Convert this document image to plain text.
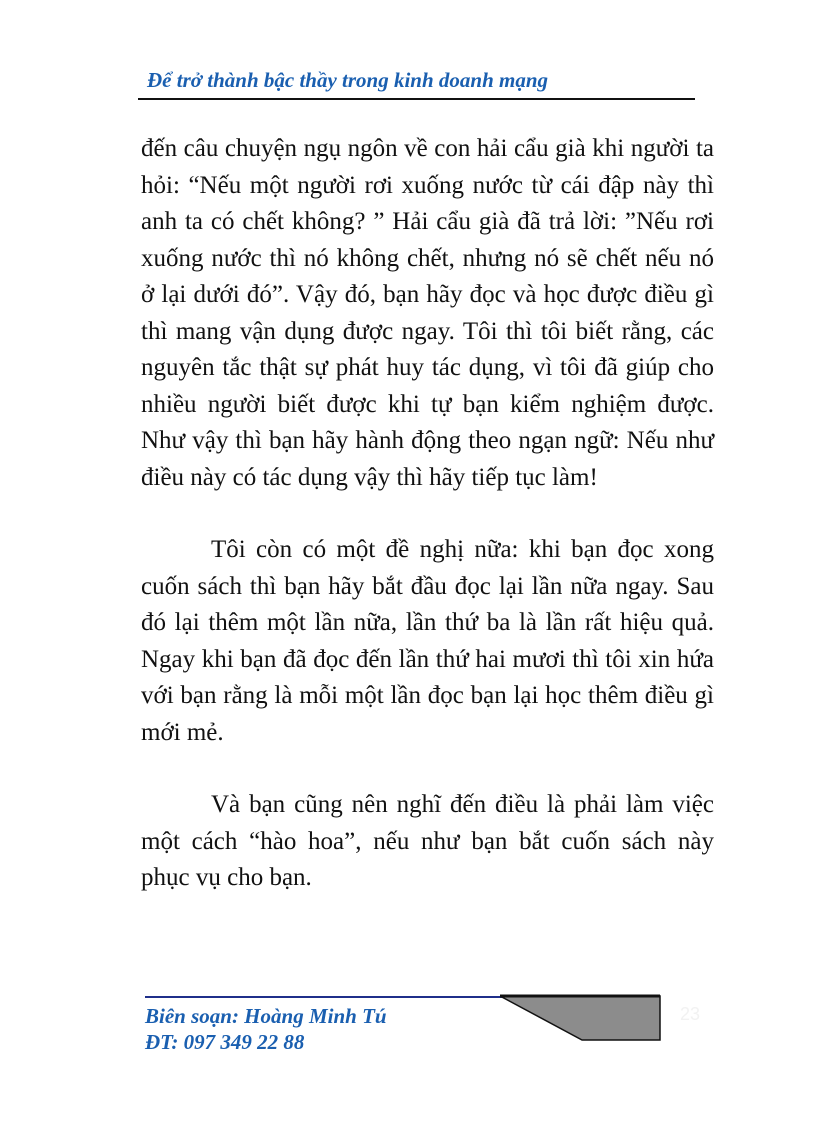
Để trở thành bậc thầy trong kinh doanh mạng

đến câu chuyện ngụ ngôn về con hải cẩu già khi người ta hỏi: “Nếu một người rơi xuống nước từ cái đập này thì anh ta có chết không? ” Hải cẩu già đã trả lời: ”Nếu rơi xuống nước thì nó không chết, nhưng nó sẽ chết nếu nó ở lại dưới đó”. Vậy đó, bạn hãy đọc và học được điều gì thì mang vận dụng được ngay. Tôi thì tôi biết rằng, các nguyên tắc thật sự phát huy tác dụng, vì tôi đã giúp cho nhiều người biết được khi tự bạn kiểm nghiệm được. Như vậy thì bạn hãy hành động theo ngạn ngữ: Nếu như điều này có tác dụng vậy thì hãy tiếp tục làm!

Tôi còn có một đề nghị nữa: khi bạn đọc xong cuốn sách thì bạn hãy bắt đầu đọc lại lần nữa ngay. Sau đó lại thêm một lần nữa, lần thứ ba là lần rất hiệu quả. Ngay khi bạn đã đọc đến lần thứ hai mươi thì tôi xin hứa với bạn rằng là mỗi một lần đọc bạn lại học thêm điều gì mới mẻ.

Và bạn cũng nên nghĩ đến điều là phải làm việc một cách “hào hoa”, nếu như bạn bắt cuốn sách này phục vụ cho bạn.

Biên soạn: Hoàng Minh Tú
ĐT: 097 349 22 88
23
